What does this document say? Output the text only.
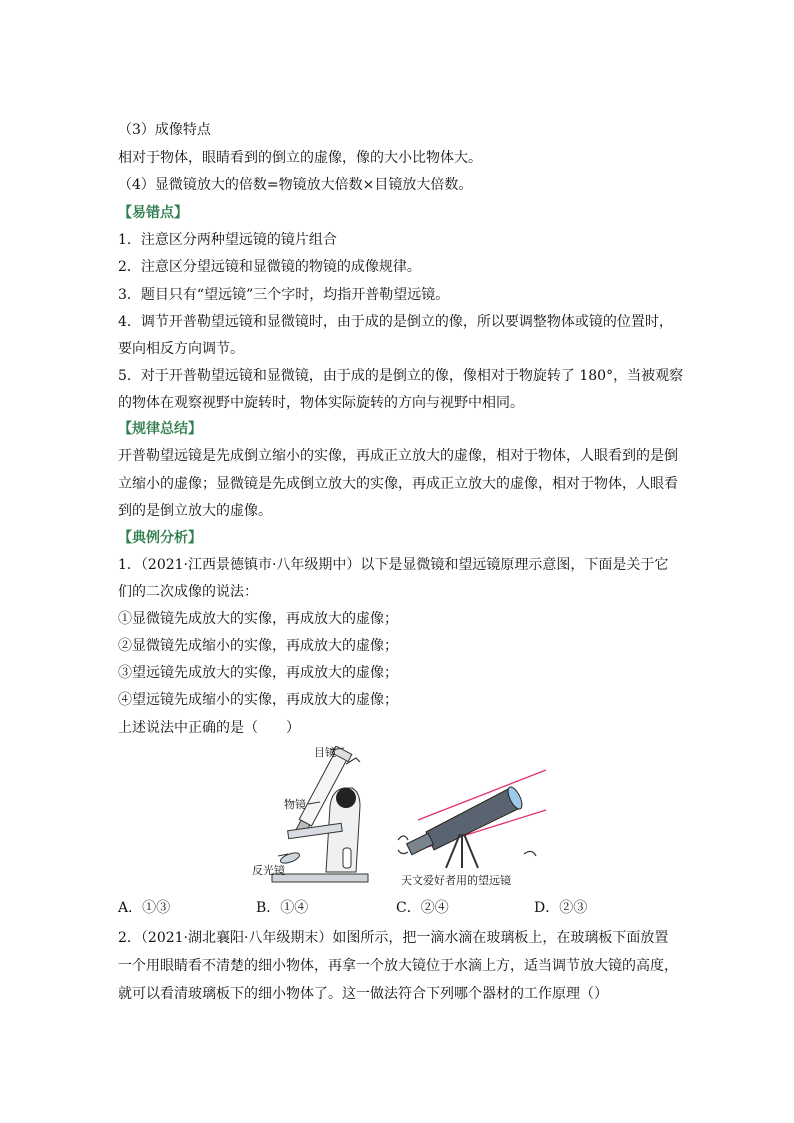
（3）成像特点
相对于物体，眼睛看到的倒立的虚像，像的大小比物体大。
（4）显微镜放大的倍数=物镜放大倍数×目镜放大倍数。
【易错点】
1．注意区分两种望远镜的镜片组合
2．注意区分望远镜和显微镜的物镜的成像规律。
3．题目只有“望远镜”三个字时，均指开普勒望远镜。
4．调节开普勒望远镜和显微镜时，由于成的是倒立的像，所以要调整物体或镜的位置时，
要向相反方向调节。
5．对于开普勒望远镜和显微镜，由于成的是倒立的像，像相对于物旋转了 180°，当被观察
的物体在观察视野中旋转时，物体实际旋转的方向与视野中相同。
【规律总结】
开普勒望远镜是先成倒立缩小的实像，再成正立放大的虚像，相对于物体，人眼看到的是倒
立缩小的虚像；显微镜是先成倒立放大的实像，再成正立放大的虚像，相对于物体，人眼看
到的是倒立放大的虚像。
【典例分析】
1．（2021·江西景德镇市·八年级期中）以下是显微镜和望远镜原理示意图，下面是关于它
们的二次成像的说法：
①显微镜先成放大的实像，再成放大的虚像；
②显微镜先成缩小的实像，再成放大的虚像；
③望远镜先成放大的实像，再成放大的虚像；
④望远镜先成缩小的实像，再成放大的虚像；
上述说法中正确的是（　　）
目镜
物镜
反光镜
天文爱好者用的望远镜
A．①③	B．①④	C．②④	D．②③
2．（2021·湖北襄阳·八年级期末）如图所示，把一滴水滴在玻璃板上，在玻璃板下面放置
一个用眼睛看不清楚的细小物体，再拿一个放大镜位于水滴上方，适当调节放大镜的高度，
就可以看清玻璃板下的细小物体了。这一做法符合下列哪个器材的工作原理（）
